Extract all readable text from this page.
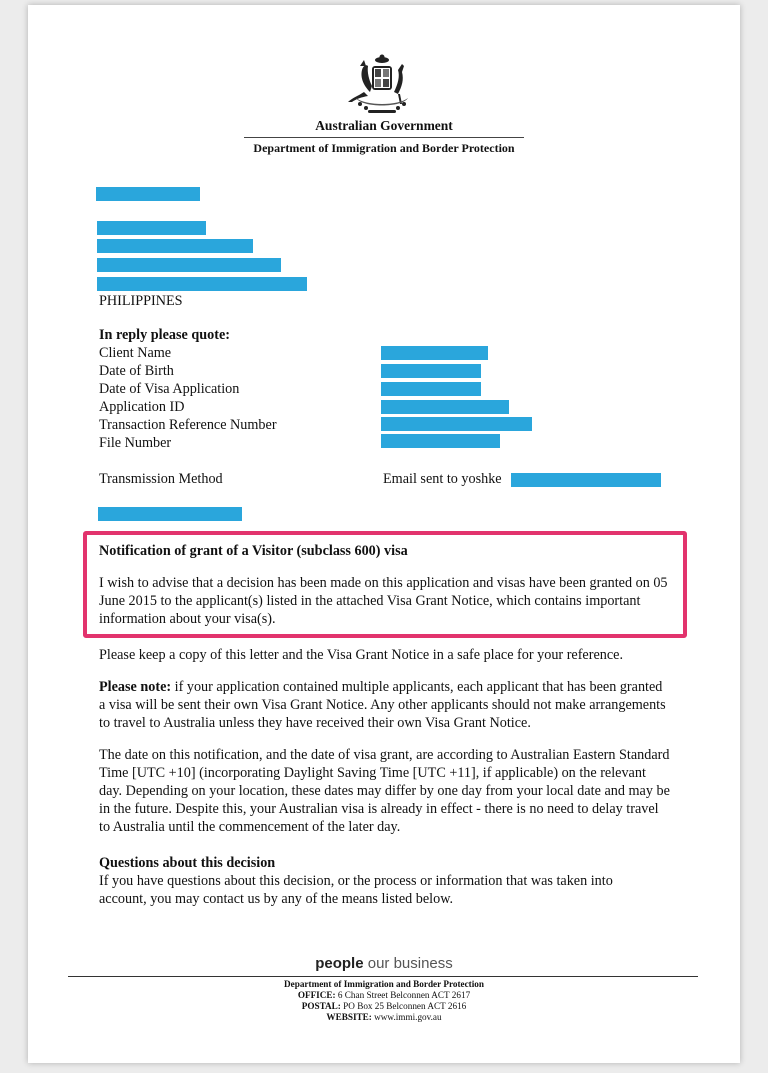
Australian Government
Department of Immigration and Border Protection
PHILIPPINES
In reply please quote:
Client Name
Date of Birth
Date of Visa Application
Application ID
Transaction Reference Number
File Number
Transmission Method	Email sent to yoshke
Notification of grant of a Visitor (subclass 600) visa
I wish to advise that a decision has been made on this application and visas have been granted on 05 June 2015 to the applicant(s) listed in the attached Visa Grant Notice, which contains important information about your visa(s).
Please keep a copy of this letter and the Visa Grant Notice in a safe place for your reference.
Please note: if your application contained multiple applicants, each applicant that has been granted a visa will be sent their own Visa Grant Notice. Any other applicants should not make arrangements to travel to Australia unless they have received their own Visa Grant Notice.
The date on this notification, and the date of visa grant, are according to Australian Eastern Standard Time [UTC +10] (incorporating Daylight Saving Time [UTC +11], if applicable) on the relevant day. Depending on your location, these dates may differ by one day from your local date and may be in the future. Despite this, your Australian visa is already in effect - there is no need to delay travel to Australia until the commencement of the later day.
Questions about this decision
If you have questions about this decision, or the process or information that was taken into account, you may contact us by any of the means listed below.
people our business
Department of Immigration and Border Protection
OFFICE: 6 Chan Street Belconnen ACT 2617
POSTAL: PO Box 25 Belconnen ACT 2616
WEBSITE: www.immi.gov.au
